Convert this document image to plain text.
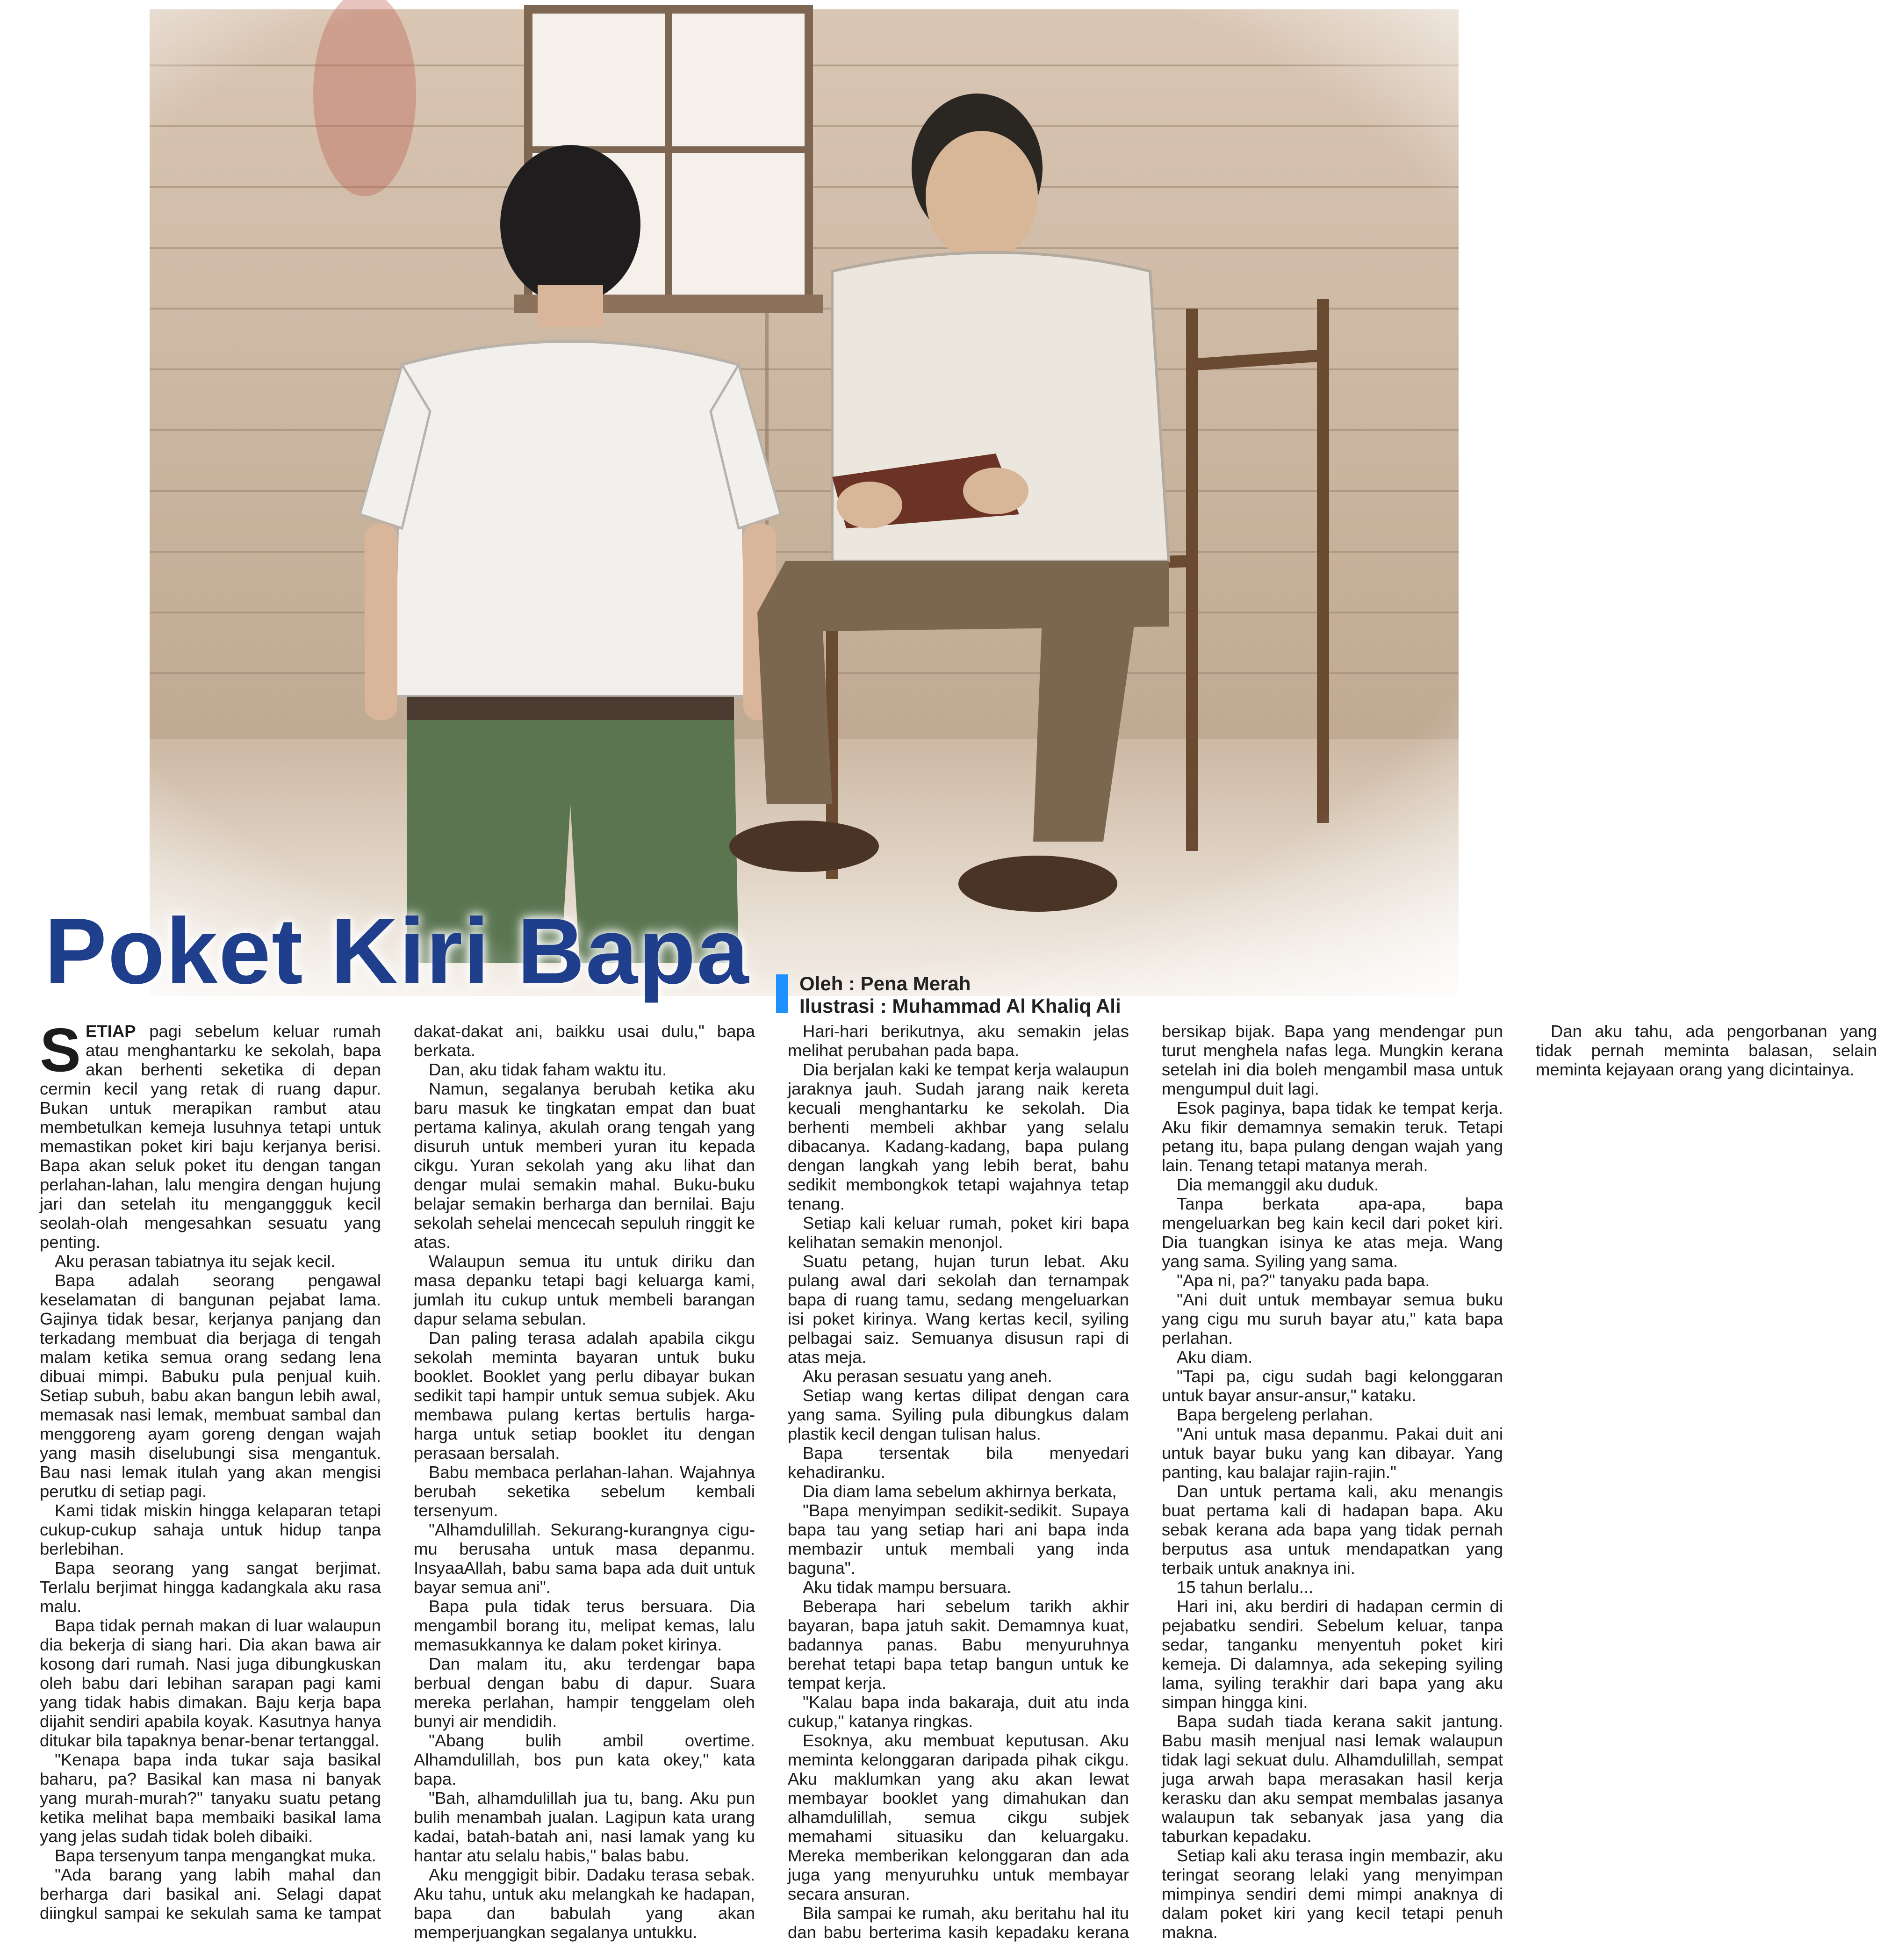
Poket Kiri Bapa	Oleh : Pena Merah
Ilustrasi : Muhammad Al Khaliq Ali

SETIAP pagi sebelum keluar rumah atau menghantarku ke sekolah, bapa akan berhenti seketika di depan cermin kecil yang retak di ruang dapur. Bukan untuk merapikan rambut atau membetulkan kemeja lusuhnya tetapi untuk memastikan poket kiri baju kerjanya berisi. Bapa akan seluk poket itu dengan tangan perlahan-lahan, lalu mengira dengan hujung jari dan setelah itu menganggguk kecil seolah-olah mengesahkan sesuatu yang penting.

Aku perasan tabiatnya itu sejak kecil.

Bapa adalah seorang pengawal keselamatan di bangunan pejabat lama. Gajinya tidak besar, kerjanya panjang dan terkadang membuat dia berjaga di tengah malam ketika semua orang sedang lena dibuai mimpi. Babuku pula penjual kuih. Setiap subuh, babu akan bangun lebih awal, memasak nasi lemak, membuat sambal dan menggoreng ayam goreng dengan wajah yang masih diselubungi sisa mengantuk. Bau nasi lemak itulah yang akan mengisi perutku di setiap pagi.

Kami tidak miskin hingga kelaparan tetapi cukup-cukup sahaja untuk hidup tanpa berlebihan.

Bapa seorang yang sangat berjimat. Terlalu berjimat hingga kadangkala aku rasa malu.

Bapa tidak pernah makan di luar walaupun dia bekerja di siang hari. Dia akan bawa air kosong dari rumah. Nasi juga dibungkuskan oleh babu dari lebihan sarapan pagi kami yang tidak habis dimakan. Baju kerja bapa dijahit sendiri apabila koyak. Kasutnya hanya ditukar bila tapaknya benar-benar tertanggal.

"Kenapa bapa inda tukar saja basikal baharu, pa? Basikal kan masa ni banyak yang murah-murah?" tanyaku suatu petang ketika melihat bapa membaiki basikal lama yang jelas sudah tidak boleh dibaiki.

Bapa tersenyum tanpa mengangkat muka.

"Ada barang yang labih mahal dan berharga dari basikal ani. Selagi dapat diingkul sampai ke sekulah sama ke tampat dakat-dakat ani, baikku usai dulu," bapa berkata.

Dan, aku tidak faham waktu itu.

Namun, segalanya berubah ketika aku baru masuk ke tingkatan empat dan buat pertama kalinya, akulah orang tengah yang disuruh untuk memberi yuran itu kepada cikgu. Yuran sekolah yang aku lihat dan dengar mulai semakin mahal. Buku-buku belajar semakin berharga dan bernilai. Baju sekolah sehelai mencecah sepuluh ringgit ke atas.

Walaupun semua itu untuk diriku dan masa depanku tetapi bagi keluarga kami, jumlah itu cukup untuk membeli barangan dapur selama sebulan.

Dan paling terasa adalah apabila cikgu sekolah meminta bayaran untuk buku booklet. Booklet yang perlu dibayar bukan sedikit tapi hampir untuk semua subjek. Aku membawa pulang kertas bertulis harga-harga untuk setiap booklet itu dengan perasaan bersalah.

Babu membaca perlahan-lahan. Wajahnya berubah seketika sebelum kembali tersenyum.

"Alhamdulillah. Sekurang-kurangnya cigu-mu berusaha untuk masa depanmu. InsyaaAllah, babu sama bapa ada duit untuk bayar semua ani".

Bapa pula tidak terus bersuara. Dia mengambil borang itu, melipat kemas, lalu memasukkannya ke dalam poket kirinya.

Dan malam itu, aku terdengar bapa berbual dengan babu di dapur. Suara mereka perlahan, hampir tenggelam oleh bunyi air mendidih.

"Abang bulih ambil overtime. Alhamdulillah, bos pun kata okey," kata bapa.

"Bah, alhamdulillah jua tu, bang. Aku pun bulih menambah jualan. Lagipun kata urang kadai, batah-batah ani, nasi lamak yang ku hantar atu selalu habis," balas babu.

Aku menggigit bibir. Dadaku terasa sebak. Aku tahu, untuk aku melangkah ke hadapan, bapa dan babulah yang akan memperjuangkan segalanya untukku.

Hari-hari berikutnya, aku semakin jelas melihat perubahan pada bapa.

Dia berjalan kaki ke tempat kerja walaupun jaraknya jauh. Sudah jarang naik kereta kecuali menghantarku ke sekolah. Dia berhenti membeli akhbar yang selalu dibacanya. Kadang-kadang, bapa pulang dengan langkah yang lebih berat, bahu sedikit membongkok tetapi wajahnya tetap tenang.

Setiap kali keluar rumah, poket kiri bapa kelihatan semakin menonjol.

Suatu petang, hujan turun lebat. Aku pulang awal dari sekolah dan ternampak bapa di ruang tamu, sedang mengeluarkan isi poket kirinya. Wang kertas kecil, syiling pelbagai saiz. Semuanya disusun rapi di atas meja.

Aku perasan sesuatu yang aneh.

Setiap wang kertas dilipat dengan cara yang sama. Syiling pula dibungkus dalam plastik kecil dengan tulisan halus.

Bapa tersentak bila menyedari kehadiranku.

Dia diam lama sebelum akhirnya berkata,

"Bapa menyimpan sedikit-sedikit. Supaya bapa tau yang setiap hari ani bapa inda membazir untuk membali yang inda baguna".

Aku tidak mampu bersuara.

Beberapa hari sebelum tarikh akhir bayaran, bapa jatuh sakit. Demamnya kuat, badannya panas. Babu menyuruhnya berehat tetapi bapa tetap bangun untuk ke tempat kerja.

"Kalau bapa inda bakaraja, duit atu inda cukup," katanya ringkas.

Esoknya, aku membuat keputusan. Aku meminta kelonggaran daripada pihak cikgu. Aku maklumkan yang aku akan lewat membayar booklet yang dimahukan dan alhamdulillah, semua cikgu subjek memahami situasiku dan keluargaku. Mereka memberikan kelonggaran dan ada juga yang menyuruhku untuk membayar secara ansuran.

Bila sampai ke rumah, aku beritahu hal itu dan babu berterima kasih kepadaku kerana bersikap bijak. Bapa yang mendengar pun turut menghela nafas lega. Mungkin kerana setelah ini dia boleh mengambil masa untuk mengumpul duit lagi.

Esok paginya, bapa tidak ke tempat kerja. Aku fikir demamnya semakin teruk. Tetapi petang itu, bapa pulang dengan wajah yang lain. Tenang tetapi matanya merah.

Dia memanggil aku duduk.

Tanpa berkata apa-apa, bapa mengeluarkan beg kain kecil dari poket kiri. Dia tuangkan isinya ke atas meja. Wang yang sama. Syiling yang sama.

"Apa ni, pa?" tanyaku pada bapa.

"Ani duit untuk membayar semua buku yang cigu mu suruh bayar atu," kata bapa perlahan.

Aku diam.

"Tapi pa, cigu sudah bagi kelonggaran untuk bayar ansur-ansur," kataku.

Bapa bergeleng perlahan.

"Ani untuk masa depanmu. Pakai duit ani untuk bayar buku yang kan dibayar. Yang panting, kau balajar rajin-rajin."

Dan untuk pertama kali, aku menangis buat pertama kali di hadapan bapa. Aku sebak kerana ada bapa yang tidak pernah berputus asa untuk mendapatkan yang terbaik untuk anaknya ini.

15 tahun berlalu...

Hari ini, aku berdiri di hadapan cermin di pejabatku sendiri. Sebelum keluar, tanpa sedar, tanganku menyentuh poket kiri kemeja. Di dalamnya, ada sekeping syiling lama, syiling terakhir dari bapa yang aku simpan hingga kini.

Bapa sudah tiada kerana sakit jantung. Babu masih menjual nasi lemak walaupun tidak lagi sekuat dulu. Alhamdulillah, sempat juga arwah bapa merasakan hasil kerja kerasku dan aku sempat membalas jasanya walaupun tak sebanyak jasa yang dia taburkan kepadaku.

Setiap kali aku terasa ingin membazir, aku teringat seorang lelaki yang menyimpan mimpinya sendiri demi mimpi anaknya di dalam poket kiri yang kecil tetapi penuh makna.

Dan aku tahu, ada pengorbanan yang tidak pernah meminta balasan, selain meminta kejayaan orang yang dicintainya.
